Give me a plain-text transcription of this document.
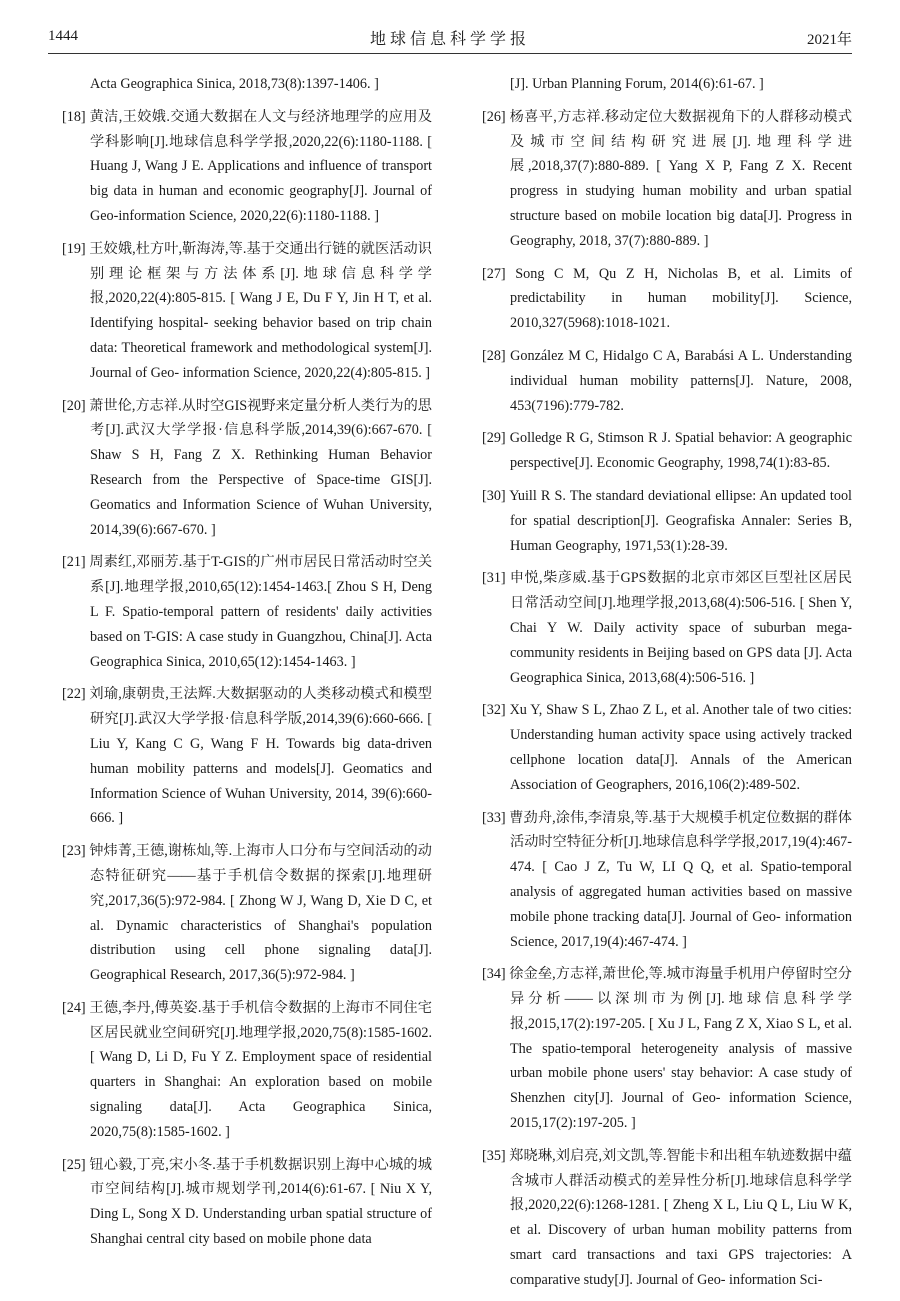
1444	地球信息科学学报	2021年

Acta Geographica Sinica, 2018,73(8):1397-1406. ]

[18] 黄洁,王姣娥.交通大数据在人文与经济地理学的应用及学科影响[J].地球信息科学学报,2020,22(6):1180-1188. [ Huang J, Wang J E. Applications and influence of transport big data in human and economic geography[J]. Journal of Geo-information Science, 2020,22(6):1180-1188. ]

[19] 王姣娥,杜方叶,靳海涛,等.基于交通出行链的就医活动识别理论框架与方法体系[J].地球信息科学学报,2020,22(4):805-815. [ Wang J E, Du F Y, Jin H T, et al. Identifying hospital- seeking behavior based on trip chain data: Theoretical framework and methodological system[J]. Journal of Geo- information Science, 2020,22(4):805-815. ]

[20] 萧世伦,方志祥.从时空GIS视野来定量分析人类行为的思考[J].武汉大学学报·信息科学版,2014,39(6):667-670. [ Shaw S H, Fang Z X. Rethinking Human Behavior Research from the Perspective of Space-time GIS[J]. Geomatics and Information Science of Wuhan University, 2014,39(6):667-670. ]

[21] 周素红,邓丽芳.基于T-GIS的广州市居民日常活动时空关系[J].地理学报,2010,65(12):1454-1463.[ Zhou S H, Deng L F. Spatio-temporal pattern of residents' daily activities based on T-GIS: A case study in Guangzhou, China[J]. Acta Geographica Sinica, 2010,65(12):1454-1463. ]

[22] 刘瑜,康朝贵,王法辉.大数据驱动的人类移动模式和模型研究[J].武汉大学学报·信息科学版,2014,39(6):660-666. [ Liu Y, Kang C G, Wang F H. Towards big data-driven human mobility patterns and models[J]. Geomatics and Information Science of Wuhan University, 2014, 39(6):660-666. ]

[23] 钟炜菁,王德,谢栋灿,等.上海市人口分布与空间活动的动态特征研究——基于手机信令数据的探索[J].地理研究,2017,36(5):972-984. [ Zhong W J, Wang D, Xie D C, et al. Dynamic characteristics of Shanghai's population distribution using cell phone signaling data[J]. Geographical Research, 2017,36(5):972-984. ]

[24] 王德,李丹,傅英姿.基于手机信令数据的上海市不同住宅区居民就业空间研究[J].地理学报,2020,75(8):1585-1602. [ Wang D, Li D, Fu Y Z. Employment space of residential quarters in Shanghai: An exploration based on mobile signaling data[J]. Acta Geographica Sinica, 2020,75(8):1585-1602. ]

[25] 钮心毅,丁亮,宋小冬.基于手机数据识别上海中心城的城市空间结构[J].城市规划学刊,2014(6):61-67. [ Niu X Y, Ding L, Song X D. Understanding urban spatial structure of Shanghai central city based on mobile phone data

[J]. Urban Planning Forum, 2014(6):61-67. ]

[26] 杨喜平,方志祥.移动定位大数据视角下的人群移动模式及城市空间结构研究进展[J].地理科学进展,2018,37(7):880-889. [ Yang X P, Fang Z X. Recent progress in studying human mobility and urban spatial structure based on mobile location big data[J]. Progress in Geography, 2018, 37(7):880-889. ]

[27] Song C M, Qu Z H, Nicholas B, et al. Limits of predictability in human mobility[J]. Science, 2010,327(5968):1018-1021.

[28] González M C, Hidalgo C A, Barabási A L. Understanding individual human mobility patterns[J]. Nature, 2008, 453(7196):779-782.

[29] Golledge R G, Stimson R J. Spatial behavior: A geographic perspective[J]. Economic Geography, 1998,74(1):83-85.

[30] Yuill R S. The standard deviational ellipse: An updated tool for spatial description[J]. Geografiska Annaler: Series B, Human Geography, 1971,53(1):28-39.

[31] 申悦,柴彦威.基于GPS数据的北京市郊区巨型社区居民日常活动空间[J].地理学报,2013,68(4):506-516. [ Shen Y, Chai Y W. Daily activity space of suburban mega-community residents in Beijing based on GPS data [J]. Acta Geographica Sinica, 2013,68(4):506-516. ]

[32] Xu Y, Shaw S L, Zhao Z L, et al. Another tale of two cities: Understanding human activity space using actively tracked cellphone location data[J]. Annals of the American Association of Geographers, 2016,106(2):489-502.

[33] 曹劲舟,涂伟,李清泉,等.基于大规模手机定位数据的群体活动时空特征分析[J].地球信息科学学报,2017,19(4):467-474. [ Cao J Z, Tu W, LI Q Q, et al. Spatio-temporal analysis of aggregated human activities based on massive mobile phone tracking data[J]. Journal of Geo- information Science, 2017,19(4):467-474. ]

[34] 徐金垒,方志祥,萧世伦,等.城市海量手机用户停留时空分异分析——以深圳市为例[J].地球信息科学学报,2015,17(2):197-205. [ Xu J L, Fang Z X, Xiao S L, et al. The spatio-temporal heterogeneity analysis of massive urban mobile phone users' stay behavior: A case study of Shenzhen city[J]. Journal of Geo- information Science, 2015,17(2):197-205. ]

[35] 郑晓琳,刘启亮,刘文凯,等.智能卡和出租车轨迹数据中蕴含城市人群活动模式的差异性分析[J].地球信息科学学报,2020,22(6):1268-1281. [ Zheng X L, Liu Q L, Liu W K, et al. Discovery of urban human mobility patterns from smart card transactions and taxi GPS trajectories: A comparative study[J]. Journal of Geo- information Sci-
